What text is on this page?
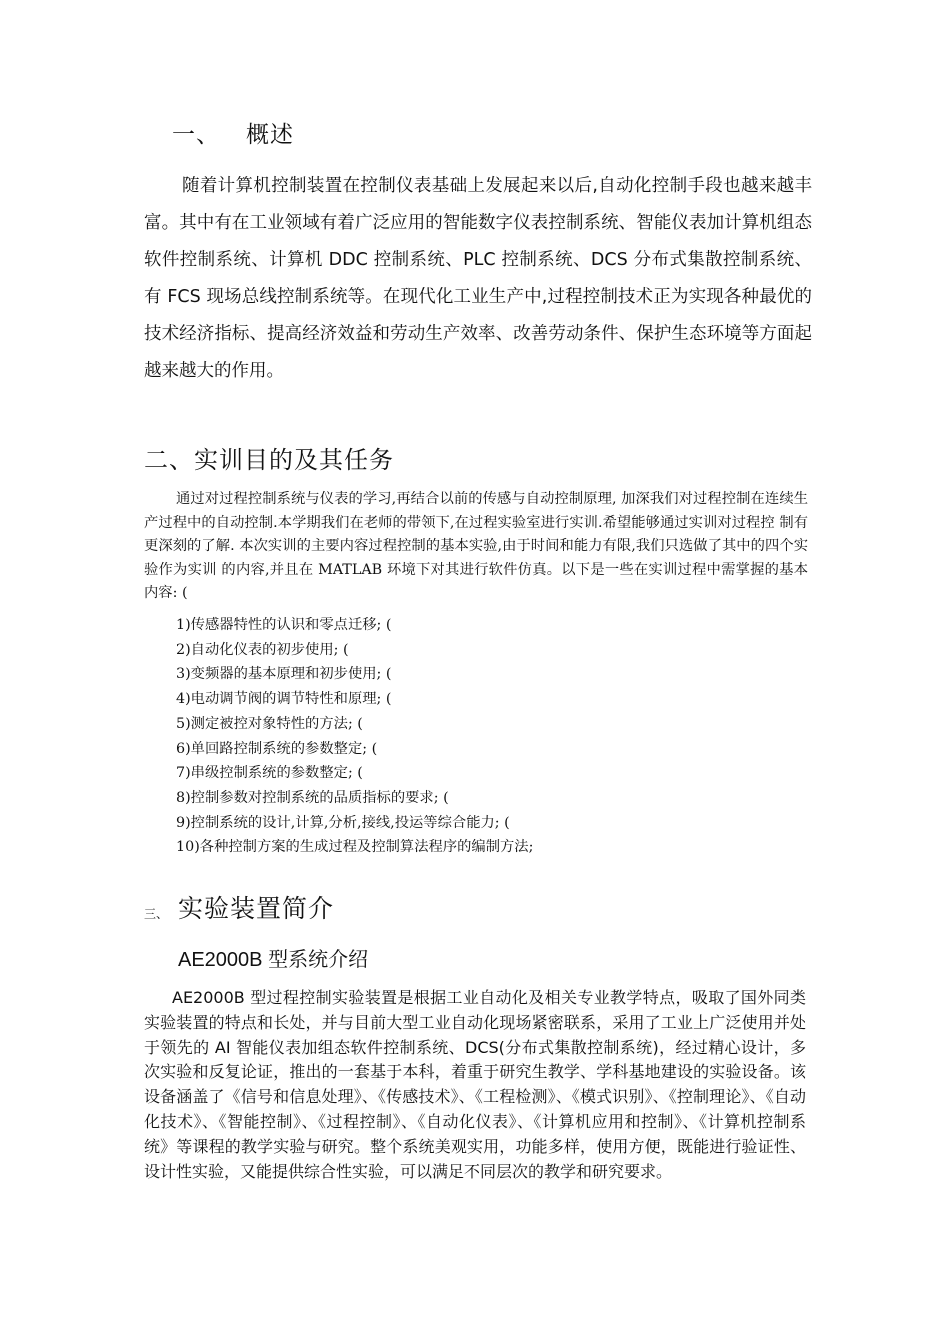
一、 概述
随着计算机控制装置在控制仪表基础上发展起来以后,自动化控制手段也越来越丰富。其中有在工业领域有着广泛应用的智能数字仪表控制系统、智能仪表加计算机组态软件控制系统、计算机 DDC 控制系统、PLC 控制系统、DCS 分布式集散控制系统、有 FCS 现场总线控制系统等。在现代化工业生产中,过程控制技术正为实现各种最优的技术经济指标、提高经济效益和劳动生产效率、改善劳动条件、保护生态环境等方面起越来越大的作用。
二、实训目的及其任务
通过对过程控制系统与仪表的学习,再结合以前的传感与自动控制原理, 加深我们对过程控制在连续生 产过程中的自动控制.本学期我们在老师的带领下,在过程实验室进行实训.希望能够通过实训对过程控 制有更深刻的了解. 本次实训的主要内容过程控制的基本实验,由于时间和能力有限,我们只选做了其中的四个实验作为实训 的内容,并且在 MATLAB 环境下对其进行软件仿真。以下是一些在实训过程中需掌握的基本内容: (
1)传感器特性的认识和零点迁移; (
2)自动化仪表的初步使用; (
3)变频器的基本原理和初步使用; (
4)电动调节阀的调节特性和原理; (
5)测定被控对象特性的方法; (
6)单回路控制系统的参数整定; (
7)串级控制系统的参数整定; (
8)控制参数对控制系统的品质指标的要求; (
9)控制系统的设计,计算,分析,接线,投运等综合能力; (
10)各种控制方案的生成过程及控制算法程序的编制方法;
三、 实验装置简介
AE2000B 型系统介绍
AE2000B 型过程控制实验装置是根据工业自动化及相关专业教学特点，吸取了国外同类实验装置的特点和长处，并与目前大型工业自动化现场紧密联系，采用了工业上广泛使用并处于领先的 AI 智能仪表加组态软件控制系统、DCS(分布式集散控制系统)，经过精心设计，多次实验和反复论证，推出的一套基于本科，着重于研究生教学、学科基地建设的实验设备。该设备涵盖了《信号和信息处理》、《传感技术》、《工程检测》、《模式识别》、《控制理论》、《自动化技术》、《智能控制》、《过程控制》、《自动化仪表》、《计算机应用和控制》、《计算机控制系统》等课程的教学实验与研究。整个系统美观实用，功能多样，使用方便，既能进行验证性、设计性实验，又能提供综合性实验，可以满足不同层次的教学和研究要求。
